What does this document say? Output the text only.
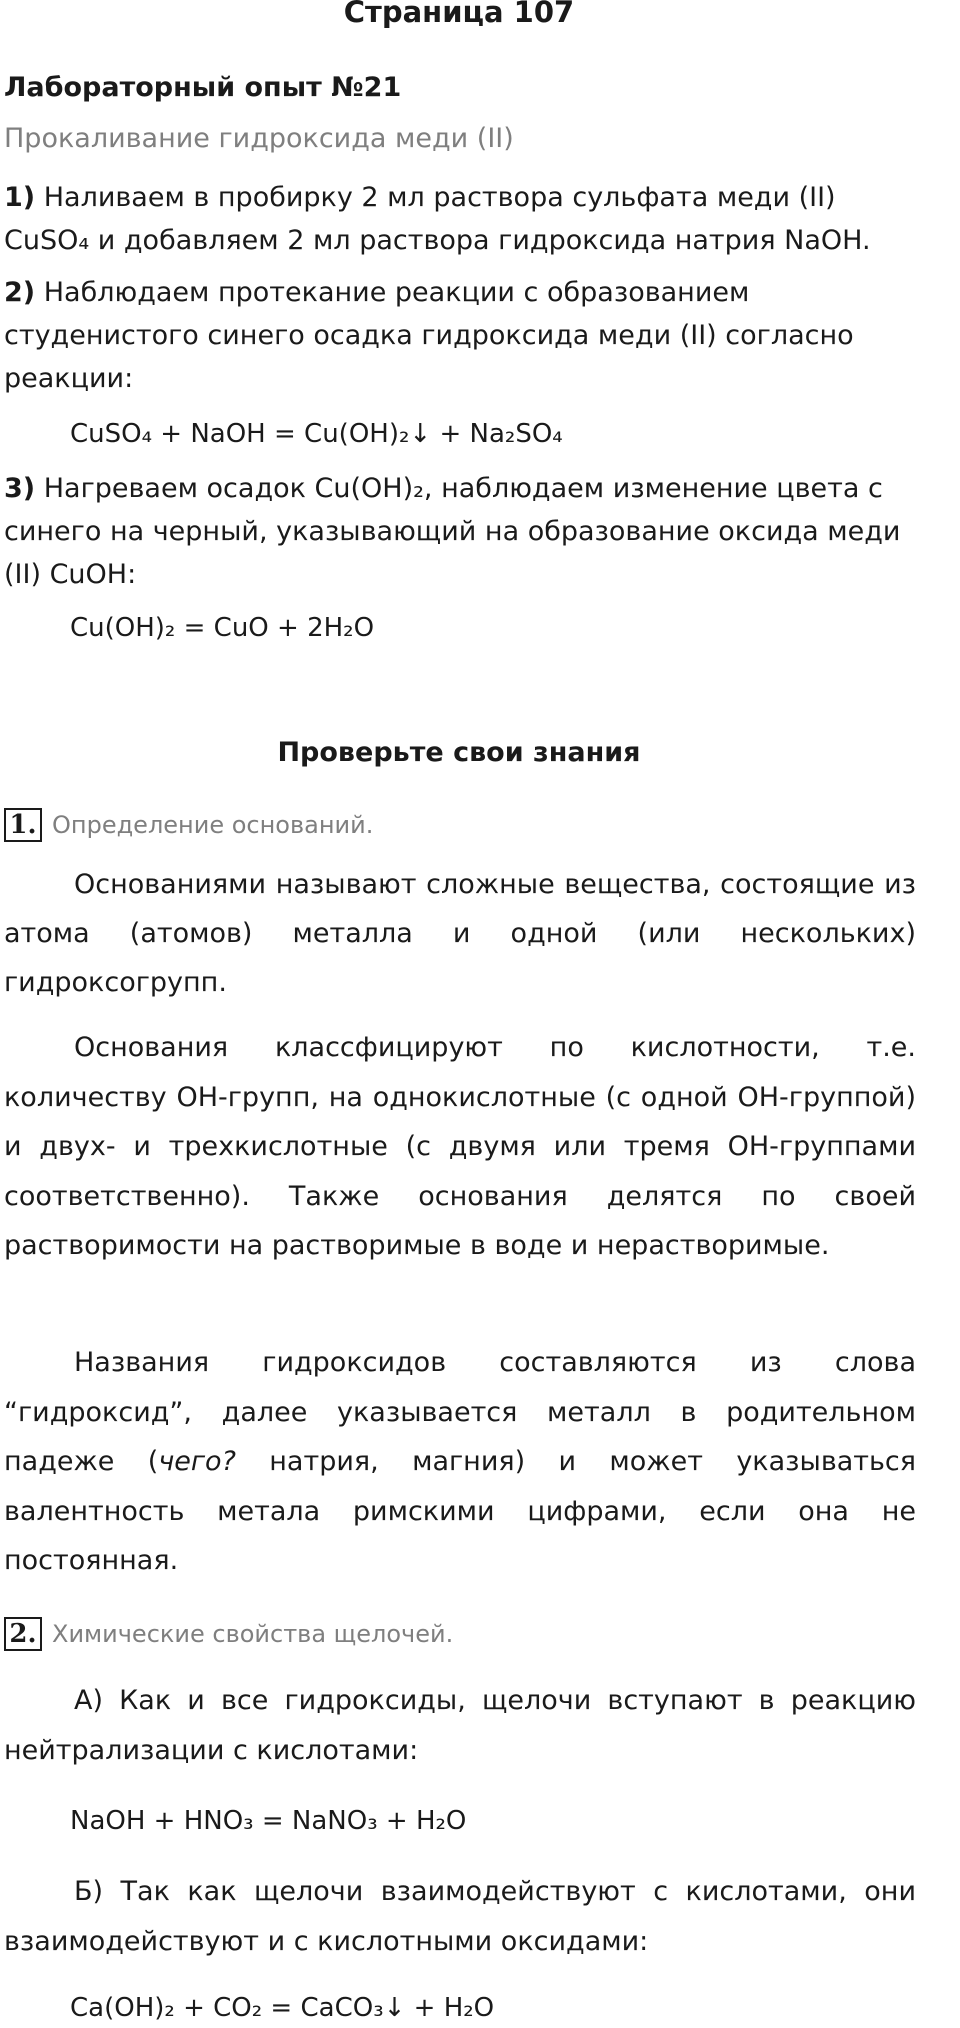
Страница 107
Лабораторный опыт №21
Прокаливание гидроксида меди (II)

1) Наливаем в пробирку 2 мл раствора сульфата меди (II) CuSO₄ и добавляем 2 мл раствора гидроксида натрия NaOH.

2) Наблюдаем протекание реакции с образованием студенистого синего осадка гидроксида меди (II) согласно реакции:

CuSO₄ + NaOH = Cu(OH)₂↓ + Na₂SO₄

3) Нагреваем осадок Cu(OH)₂, наблюдаем изменение цвета с синего на черный, указывающий на образование оксида меди (II) CuOH:

Cu(OH)₂ = CuO + 2H₂O
Проверьте свои знания
1. Определение оснований.

Основаниями называют сложные вещества, состоящие из атома (атомов) металла и одной (или нескольких) гидроксогрупп.

Основания классфицируют по кислотности, т.е. количеству ОН-групп, на однокислотные (с одной ОН-группой) и двух- и трехкислотные (с двумя или тремя ОН-группами соответственно). Также основания делятся по своей растворимости на растворимые в воде и нерастворимые.

Названия гидроксидов составляются из слова “гидроксид”, далее указывается металл в родительном падеже (чего? натрия, магния) и может указываться валентность метала римскими цифрами, если она не постоянная.

2. Химические свойства щелочей.

А) Как и все гидроксиды, щелочи вступают в реакцию нейтрализации с кислотами:

NaOH + HNO₃ = NaNO₃ + H₂O

Б) Так как щелочи взаимодействуют с кислотами, они взаимодействуют и с кислотными оксидами:

Ca(OH)₂ + CO₂ = CaCO₃↓ + H₂O
